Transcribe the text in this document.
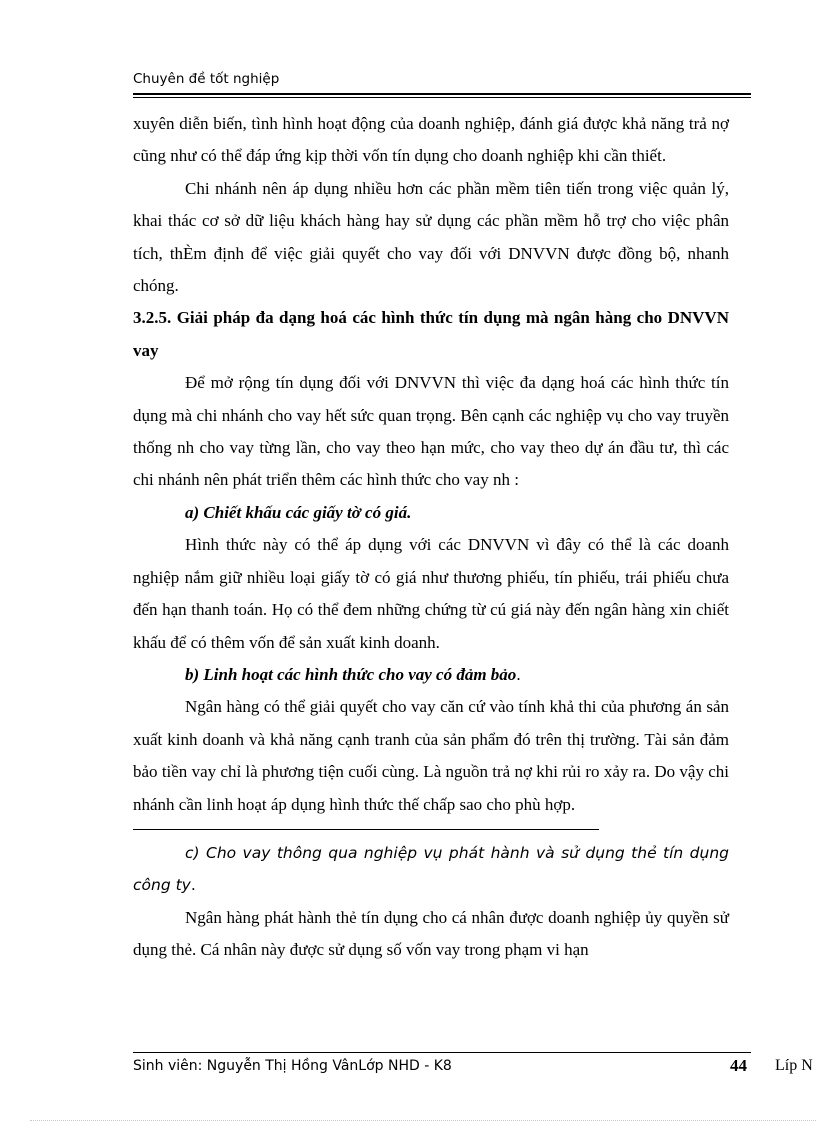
Chuyên đề tốt nghiệp

xuyên diễn biến, tình hình hoạt động của doanh nghiệp, đánh giá được khả năng trả nợ cũng như có thể đáp ứng kịp thời vốn tín dụng cho doanh nghiệp khi cần thiết.

Chi nhánh nên áp dụng nhiều hơn các phần mềm tiên tiến trong việc quản lý, khai thác cơ sở dữ liệu khách hàng hay sử dụng các phần mềm hỗ trợ cho việc phân tích, thÈm định để việc giải quyết cho vay đối với DNVVN được đồng bộ, nhanh chóng.

3.2.5. Giải pháp đa dạng hoá các hình thức tín dụng mà ngân hàng cho DNVVN vay

Để mở rộng tín dụng đối với DNVVN thì việc đa dạng hoá các hình thức tín dụng mà chi nhánh cho vay hết sức quan trọng. Bên cạnh các nghiệp vụ cho vay truyền thống nh cho vay từng lần, cho vay theo hạn mức, cho vay theo dự án đầu tư, thì các chi nhánh nên phát triển thêm các hình thức cho vay nh :

a) Chiết khấu các giấy tờ có giá.

Hình thức này có thể áp dụng với các DNVVN vì đây có thể là các doanh nghiệp nắm giữ nhiều loại giấy tờ có giá như thương phiếu, tín phiếu, trái phiếu chưa đến hạn thanh toán. Họ có thể đem những chứng từ cú giá này đến ngân hàng xin chiết khấu để có thêm vốn để sản xuất kinh doanh.

b) Linh hoạt các hình thức cho vay có đảm bảo.

Ngân hàng có thể giải quyết cho vay căn cứ vào tính khả thi của phương án sản xuất kinh doanh và khả năng cạnh tranh của sản phẩm đó trên thị trường. Tài sản đảm bảo tiền vay chỉ là phương tiện cuối cùng. Là nguồn trả nợ khi rủi ro xảy ra. Do vậy chi nhánh cần linh hoạt áp dụng hình thức thế chấp sao cho phù hợp.

c) Cho vay thông qua nghiệp vụ phát hành và sử dụng thẻ tín dụng công ty.

Ngân hàng phát hành thẻ tín dụng cho cá nhân được doanh nghiệp ủy quyền sử dụng thẻ. Cá nhân này được sử dụng số vốn vay trong phạm vi hạn

Sinh viên: Nguyễn Thị Hồng VânLớp NHD - K8	44 Líp N
